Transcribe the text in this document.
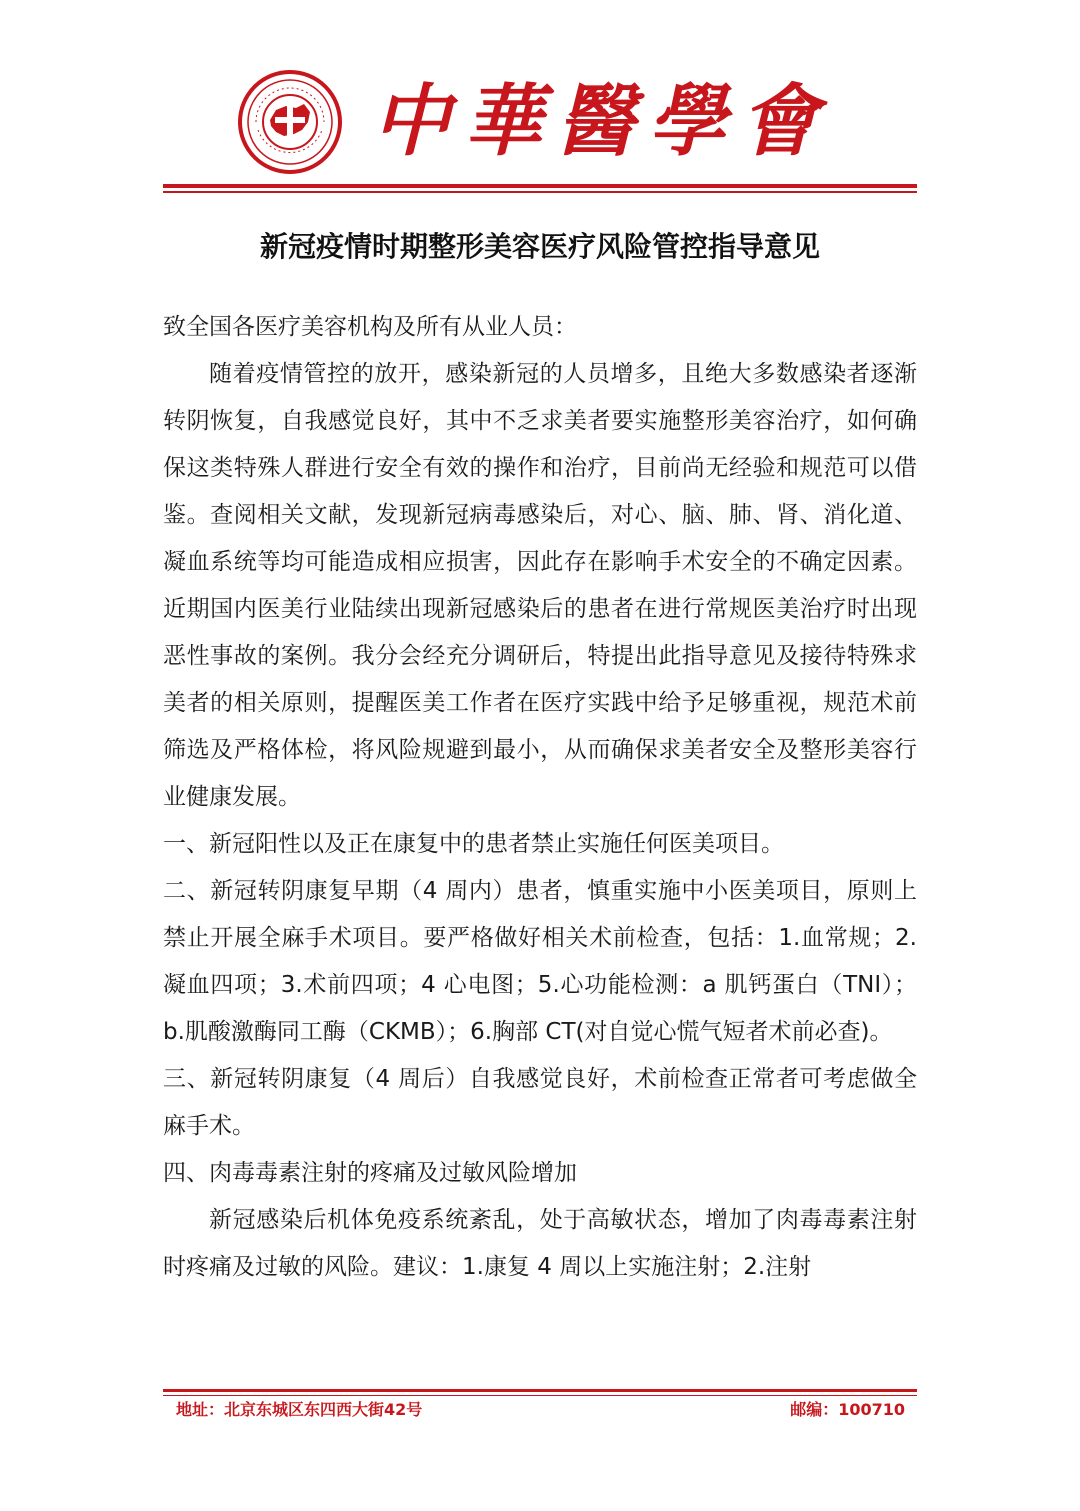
中華醫學會
新冠疫情时期整形美容医疗风险管控指导意见

致全国各医疗美容机构及所有从业人员：

随着疫情管控的放开，感染新冠的人员增多，且绝大多数感染者逐渐转阴恢复，自我感觉良好，其中不乏求美者要实施整形美容治疗，如何确保这类特殊人群进行安全有效的操作和治疗，目前尚无经验和规范可以借鉴。查阅相关文献，发现新冠病毒感染后，对心、脑、肺、肾、消化道、凝血系统等均可能造成相应损害，因此存在影响手术安全的不确定因素。近期国内医美行业陆续出现新冠感染后的患者在进行常规医美治疗时出现恶性事故的案例。我分会经充分调研后，特提出此指导意见及接待特殊求美者的相关原则，提醒医美工作者在医疗实践中给予足够重视，规范术前筛选及严格体检，将风险规避到最小，从而确保求美者安全及整形美容行业健康发展。

一、新冠阳性以及正在康复中的患者禁止实施任何医美项目。

二、新冠转阴康复早期（4 周内）患者，慎重实施中小医美项目，原则上禁止开展全麻手术项目。要严格做好相关术前检查，包括：1.血常规；2.凝血四项；3.术前四项；4 心电图；5.心功能检测：a 肌钙蛋白（TNI）；b.肌酸激酶同工酶（CKMB）；6.胸部 CT(对自觉心慌气短者术前必查)。

三、新冠转阴康复（4 周后）自我感觉良好，术前检查正常者可考虑做全麻手术。

四、肉毒毒素注射的疼痛及过敏风险增加

新冠感染后机体免疫系统紊乱，处于高敏状态，增加了肉毒毒素注射时疼痛及过敏的风险。建议：1.康复 4 周以上实施注射；2.注射

地址：北京东城区东四西大街42号	邮编：100710
